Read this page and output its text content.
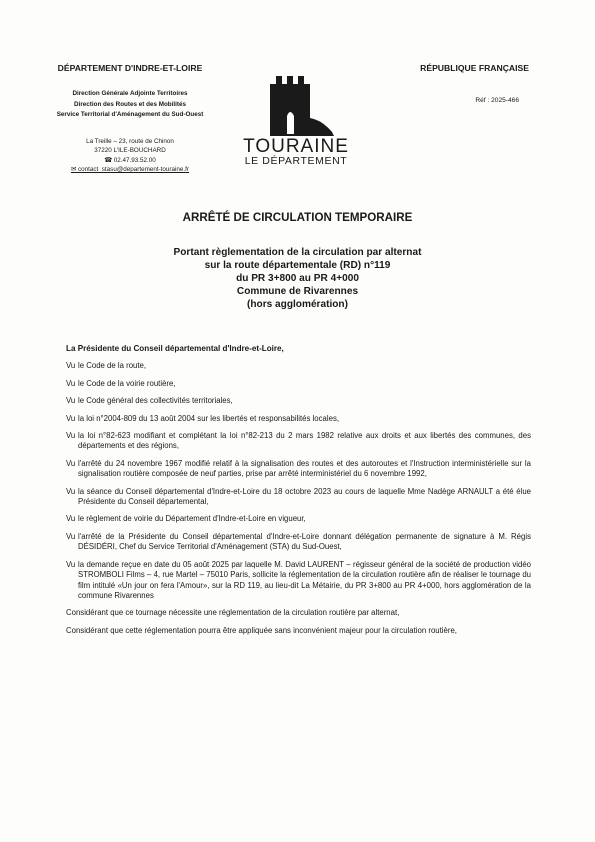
DÉPARTEMENT D'INDRE-ET-LOIRE
Direction Générale Adjointe Territoires
Direction des Routes et des Mobilités
Service Territorial d'Aménagement du Sud-Ouest
La Treille – 23, route de Chinon
37220 L'ILE-BOUCHARD
☎ 02.47.93.52.00
✉ contact_stasu@departement-touraine.fr
TOURAINE
LE DÉPARTEMENT
RÉPUBLIQUE FRANÇAISE
Réf : 2025-466
ARRÊTÉ DE CIRCULATION TEMPORAIRE
Portant règlementation de la circulation par alternat
sur la route départementale (RD) n°119
du PR 3+800 au PR 4+000
Commune de Rivarennes
(hors agglomération)
La Présidente du Conseil départemental d'Indre-et-Loire,
Vu le Code de la route,
Vu le Code de la voirie routière,
Vu le Code général des collectivités territoriales,
Vu la loi n°2004-809 du 13 août 2004 sur les libertés et responsabilités locales,
Vu la loi n°82-623 modifiant et complétant la loi n°82-213 du 2 mars 1982 relative aux droits et aux libertés des communes, des départements et des régions,
Vu l'arrêté du 24 novembre 1967 modifié relatif à la signalisation des routes et des autoroutes et l'Instruction interministérielle sur la signalisation routière composée de neuf parties, prise par arrêté interministériel du 6 novembre 1992,
Vu la séance du Conseil départemental d'Indre-et-Loire du 18 octobre 2023 au cours de laquelle Mme Nadège ARNAULT a été élue Présidente du Conseil départemental,
Vu le règlement de voirie du Département d'Indre-et-Loire en vigueur,
Vu l'arrêté de la Présidente du Conseil départemental d'Indre-et-Loire donnant délégation permanente de signature à M. Régis DÉSIDÉRI, Chef du Service Territorial d'Aménagement (STA) du Sud-Ouest,
Vu la demande reçue en date du 05 août 2025 par laquelle M. David LAURENT – régisseur général de la société de production vidéo STROMBOLI Films – 4, rue Martel – 75010 Paris, sollicite la réglementation de la circulation routière afin de réaliser le tournage du film intitulé «Un jour on fera l'Amour», sur la RD 119, au lieu-dit La Métairie, du PR 3+800 au PR 4+000, hors agglomération de la commune Rivarennes
Considérant que ce tournage nécessite une réglementation de la circulation routière par alternat,
Considérant que cette réglementation pourra être appliquée sans inconvénient majeur pour la circulation routière,
